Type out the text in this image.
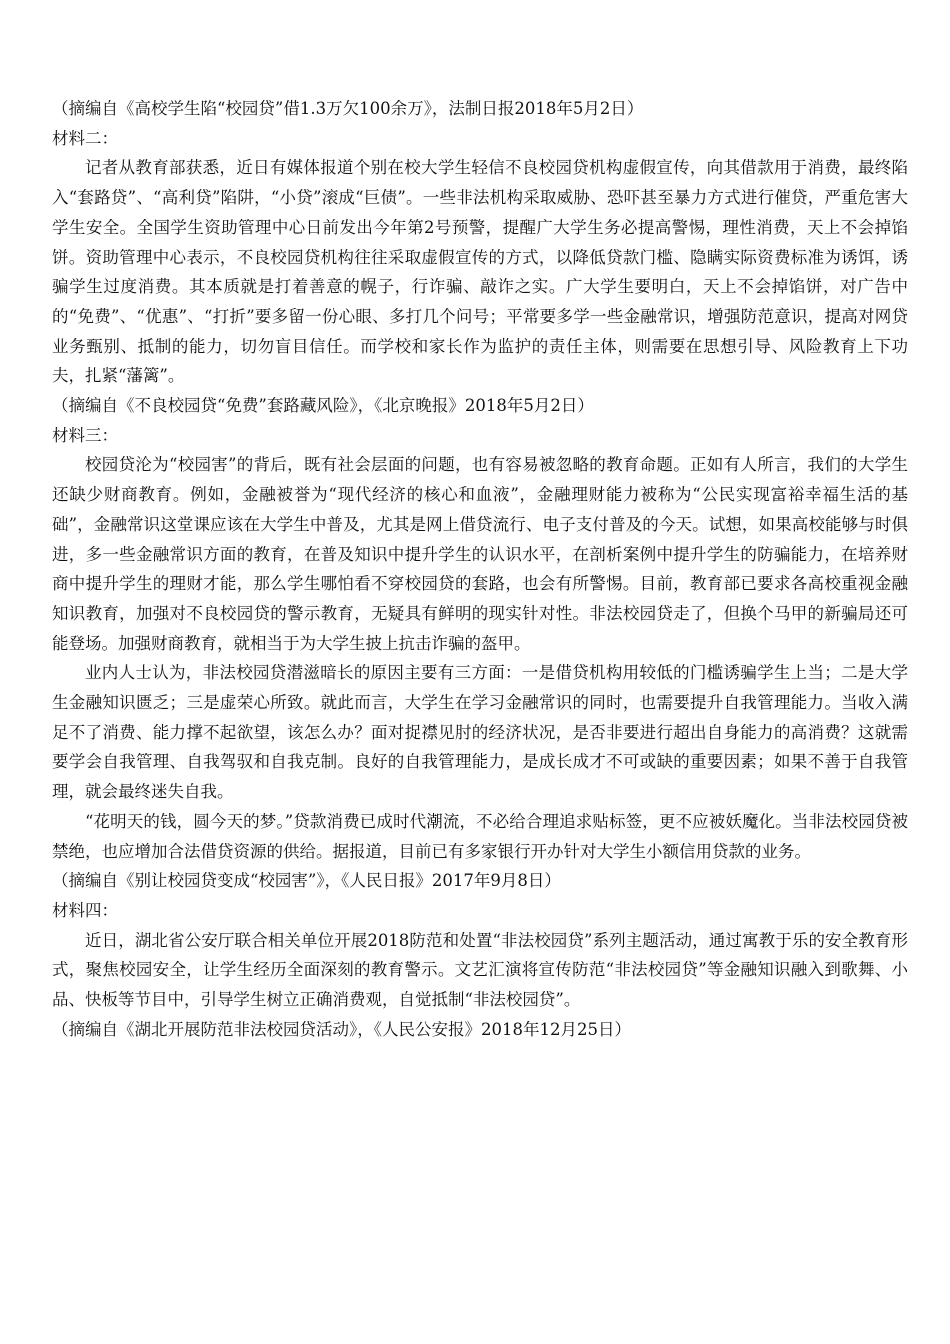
（摘编自《高校学生陷“校园贷”借1.3万欠100余万》，法制日报2018年5月2日）
材料二：

记者从教育部获悉，近日有媒体报道个别在校大学生轻信不良校园贷机构虚假宣传，向其借款用于消费，最终陷入“套路贷”、“高利贷”陷阱，“小贷”滚成“巨债”。一些非法机构采取威胁、恐吓甚至暴力方式进行催贷，严重危害大学生安全。全国学生资助管理中心日前发出今年第2号预警，提醒广大学生务必提高警惕，理性消费，天上不会掉馅饼。资助管理中心表示，不良校园贷机构往往采取虚假宣传的方式，以降低贷款门槛、隐瞒实际资费标准为诱饵，诱骗学生过度消费。其本质就是打着善意的幌子，行诈骗、敲诈之实。广大学生要明白，天上不会掉馅饼，对广告中的“免费”、“优惠”、“打折”要多留一份心眼、多打几个问号；平常要多学一些金融常识，增强防范意识，提高对网贷业务甄别、抵制的能力，切勿盲目信任。而学校和家长作为监护的责任主体，则需要在思想引导、风险教育上下功夫，扎紧“藩篱”。

（摘编自《不良校园贷“免费”套路藏风险》，《北京晚报》2018年5月2日）
材料三：

校园贷沦为“校园害”的背后，既有社会层面的问题，也有容易被忽略的教育命题。正如有人所言，我们的大学生还缺少财商教育。例如，金融被誉为“现代经济的核心和血液”，金融理财能力被称为“公民实现富裕幸福生活的基础”，金融常识这堂课应该在大学生中普及，尤其是网上借贷流行、电子支付普及的今天。试想，如果高校能够与时俱进，多一些金融常识方面的教育，在普及知识中提升学生的认识水平，在剖析案例中提升学生的防骗能力，在培养财商中提升学生的理财才能，那么学生哪怕看不穿校园贷的套路，也会有所警惕。目前，教育部已要求各高校重视金融知识教育，加强对不良校园贷的警示教育，无疑具有鲜明的现实针对性。非法校园贷走了，但换个马甲的新骗局还可能登场。加强财商教育，就相当于为大学生披上抗击诈骗的盔甲。

业内人士认为，非法校园贷潜滋暗长的原因主要有三方面：一是借贷机构用较低的门槛诱骗学生上当；二是大学生金融知识匮乏；三是虚荣心所致。就此而言，大学生在学习金融常识的同时，也需要提升自我管理能力。当收入满足不了消费、能力撑不起欲望，该怎么办？面对捉襟见肘的经济状况，是否非要进行超出自身能力的高消费？这就需要学会自我管理、自我驾驭和自我克制。良好的自我管理能力，是成长成才不可或缺的重要因素；如果不善于自我管理，就会最终迷失自我。

“花明天的钱，圆今天的梦。”贷款消费已成时代潮流，不必给合理追求贴标签，更不应被妖魔化。当非法校园贷被禁绝，也应增加合法借贷资源的供给。据报道，目前已有多家银行开办针对大学生小额信用贷款的业务。

（摘编自《别让校园贷变成“校园害”》，《人民日报》2017年9月8日）
材料四：

近日，湖北省公安厅联合相关单位开展2018防范和处置“非法校园贷”系列主题活动，通过寓教于乐的安全教育形式，聚焦校园安全，让学生经历全面深刻的教育警示。文艺汇演将宣传防范“非法校园贷”等金融知识融入到歌舞、小品、快板等节目中，引导学生树立正确消费观，自觉抵制“非法校园贷”。

（摘编自《湖北开展防范非法校园贷活动》，《人民公安报》2018年12月25日）
